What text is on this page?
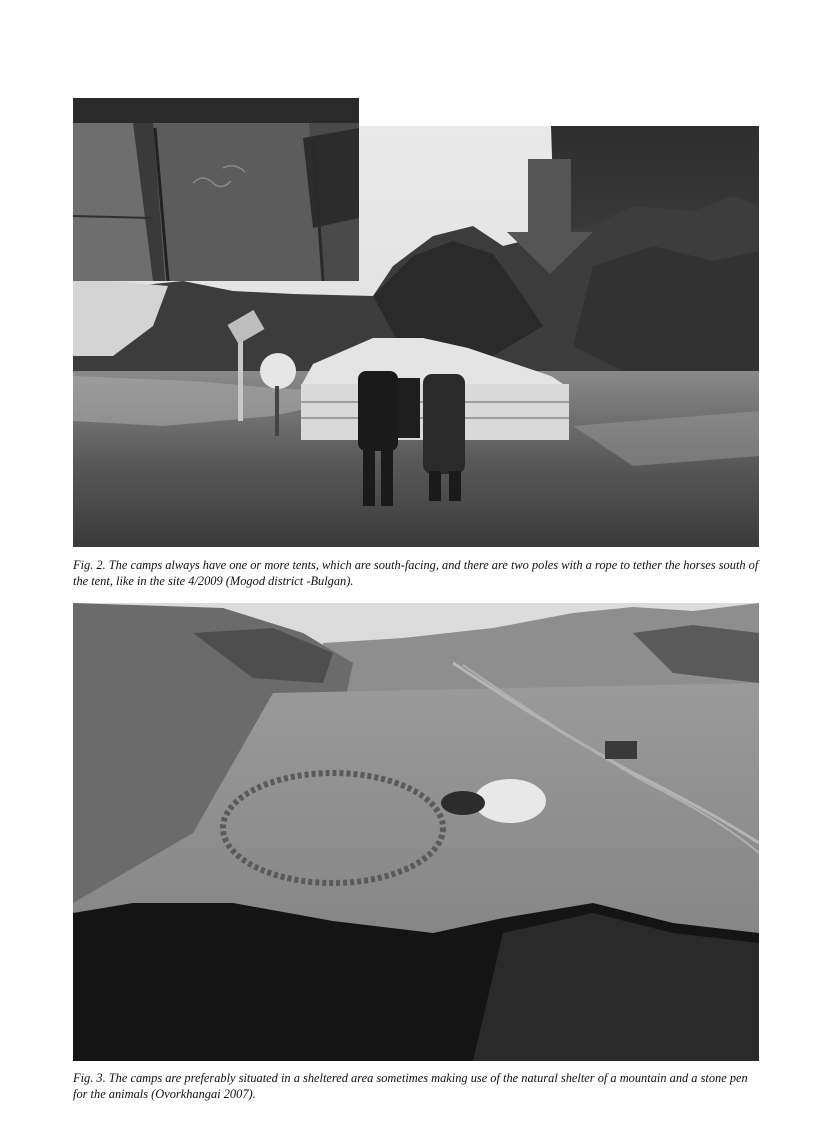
Fig. 2. The camps always have one or more tents, which are south-facing, and there are two poles with a rope to tether the horses south of the tent, like in the site 4/2009 (Mogod district -Bulgan).

Fig. 3. The camps are preferably situated in a sheltered area sometimes making use of the natural shelter of a mountain and a stone pen for the animals (Ovorkhangai 2007).
